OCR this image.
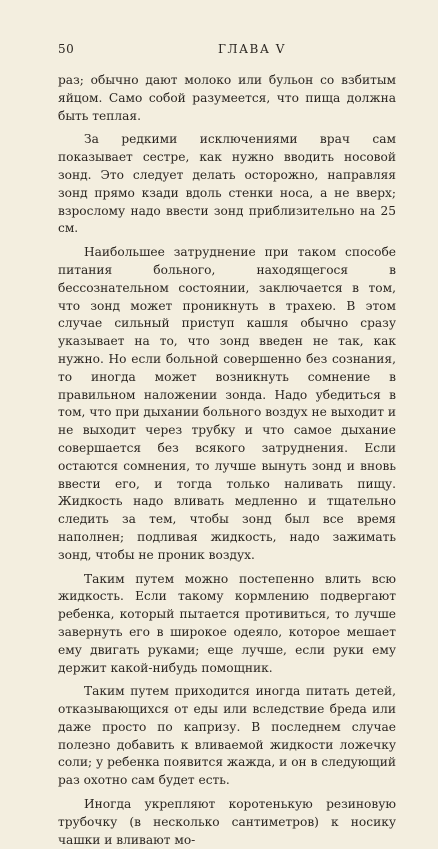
50	ГЛАВА V

раз; обычно дают молоко или бульон со взбитым яйцом. Само собой разумеется, что пища должна быть теплая.

За редкими исключениями врач сам показывает сестре, как нужно вводить носовой зонд. Это следует делать осторожно, направляя зонд прямо кзади вдоль стенки носа, а не вверх; взрослому надо ввести зонд приблизительно на 25 см.

Наибольшее затруднение при таком способе питания больного, находящегося в бессознательном состоянии, заключается в том, что зонд может проникнуть в трахею. В этом случае сильный приступ кашля обычно сразу указывает на то, что зонд введен не так, как нужно. Но если больной совершенно без сознания, то иногда может возникнуть сомнение в правильном наложении зонда. Надо убедиться в том, что при дыхании больного воздух не выходит и не выходит через трубку и что самое дыхание совершается без всякого затруднения. Если остаются сомнения, то лучше вынуть зонд и вновь ввести его, и тогда только наливать пищу. Жидкость надо вливать медленно и тщательно следить за тем, чтобы зонд был все время наполнен; подливая жидкость, надо зажимать зонд, чтобы не проник воздух.

Таким путем можно постепенно влить всю жидкость. Если такому кормлению подвергают ребенка, который пытается противиться, то лучше завернуть его в широкое одеяло, которое мешает ему двигать руками; еще лучше, если руки ему держит какой-нибудь помощник.

Таким путем приходится иногда питать детей, отказывающихся от еды или вследствие бреда или даже просто по капризу. В последнем случае полезно добавить к вливаемой жидкости ложечку соли; у ребенка появится жажда, и он в следующий раз охотно сам будет есть.

Иногда укрепляют коротенькую резиновую трубочку (в несколько сантиметров) к носику чашки и вливают мо-
